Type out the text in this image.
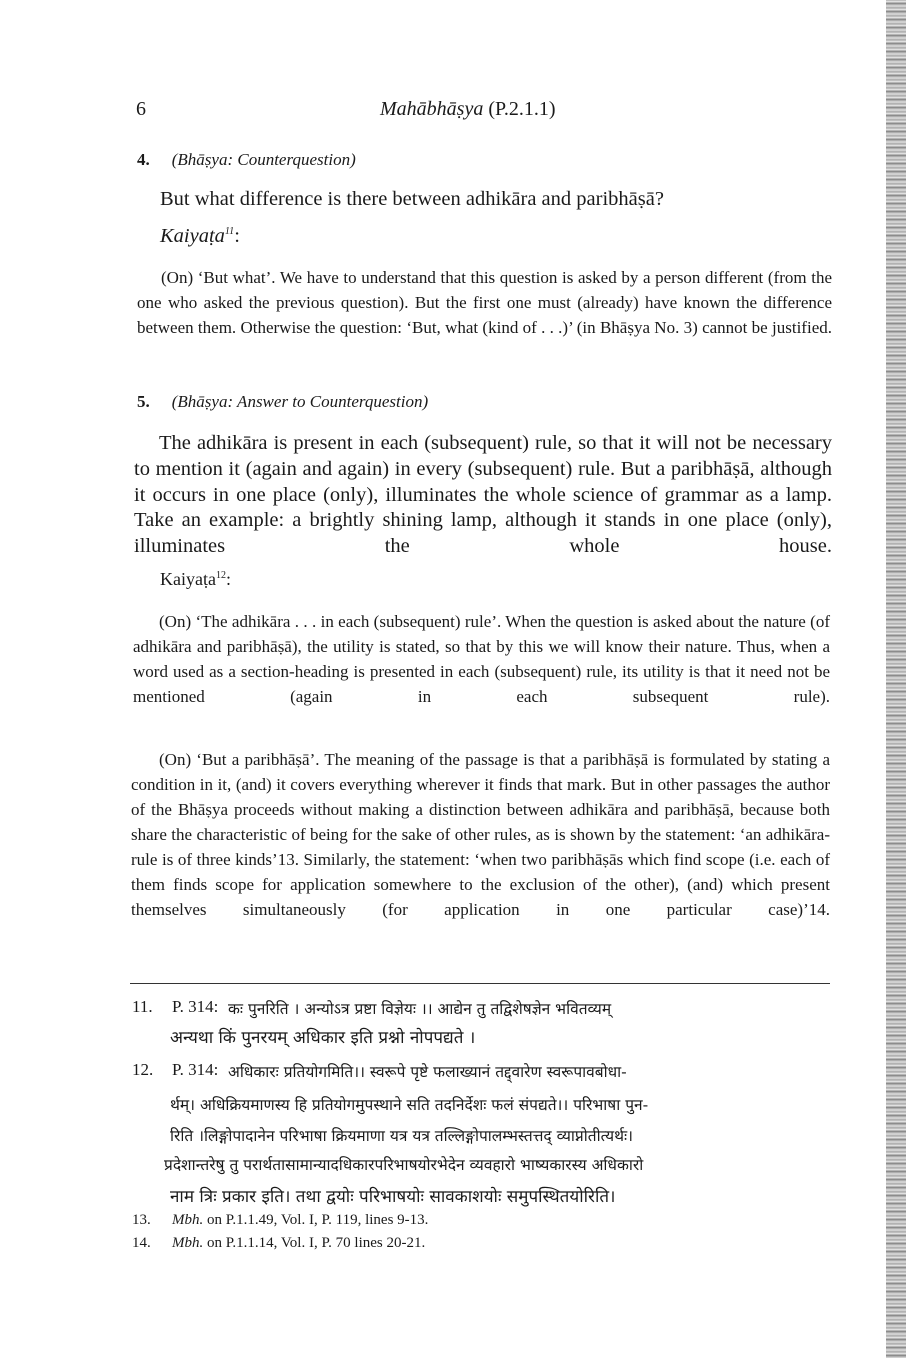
6	Mahābhāṣya (P.2.1.1)
4. (Bhāṣya: Counterquestion)
But what difference is there between adhikāra and paribhāṣā?
Kaiyaṭa$^{11}$:
(On) ‘But what’. We have to understand that this question is asked by a person different (from the one who asked the previous question). But the first one must (already) have known the difference between them. Otherwise the question: ‘But, what (kind of . . .)’ (in Bhāṣya No. 3) cannot be justified.
5. (Bhāṣya: Answer to Counterquestion)
The adhikāra is present in each (subsequent) rule, so that it will not be necessary to mention it (again and again) in every (subsequent) rule. But a paribhāṣā, although it occurs in one place (only), illuminates the whole science of grammar as a lamp. Take an example: a brightly shining lamp, although it stands in one place (only), illuminates the whole house.
Kaiyaṭa$^{12}$:
(On) ‘The adhikāra . . . in each (subsequent) rule’. When the question is asked about the nature (of adhikāra and paribhāṣā), the utility is stated, so that by this we will know their nature. Thus, when a word used as a section-heading is presented in each (subsequent) rule, its utility is that it need not be mentioned (again in each subsequent rule).
(On) ‘But a paribhāṣā’. The meaning of the passage is that a paribhāṣā is formulated by stating a condition in it, (and) it covers everything wherever it finds that mark. But in other passages the author of the Bhāṣya proceeds without making a distinction between adhikāra and paribhāṣā, because both share the characteristic of being for the sake of other rules, as is shown by the statement: ‘an adhikāra-rule is of three kinds’13. Similarly, the statement: ‘when two paribhāṣās which find scope (i.e. each of them finds scope for application somewhere to the exclusion of the other), (and) which present themselves simultaneously (for application in one particular case)’14.
11. P. 314: कः पुनरिति । अन्योऽत्र प्रष्टा विज्ञेयः ।। आद्येन तु तद्विशेषज्ञेन भवितव्यम्
अन्यथा किं पुनरयम् अधिकार इति प्रश्नो नोपपद्यते ।
12. P. 314: अधिकारः प्रतियोगमिति।। स्वरूपे पृष्टे फलाख्यानं तद्द्वारेण स्वरूपावबोधा-
र्थम्। अधिक्रियमाणस्य हि प्रतियोगमुपस्थाने सति तदनिर्देशः फलं संपद्यते।। परिभाषा पुन-
रिति ।लिङ्गोपादानेन परिभाषा क्रियमाणा यत्र यत्र तल्लिङ्गोपालम्भस्तत्तद् व्याप्नोतीत्यर्थः।
प्रदेशान्तरेषु तु परार्थतासामान्यादधिकारपरिभाषयोरभेदेन व्यवहारो भाष्यकारस्य अधिकारो
नाम त्रिः प्रकार इति। तथा द्वयोः परिभाषयोः सावकाशयोः समुपस्थितयोरिति।
13. Mbh. on P.1.1.49, Vol. I, P. 119, lines 9-13.
14. Mbh. on P.1.1.14, Vol. I, P. 70 lines 20-21.
